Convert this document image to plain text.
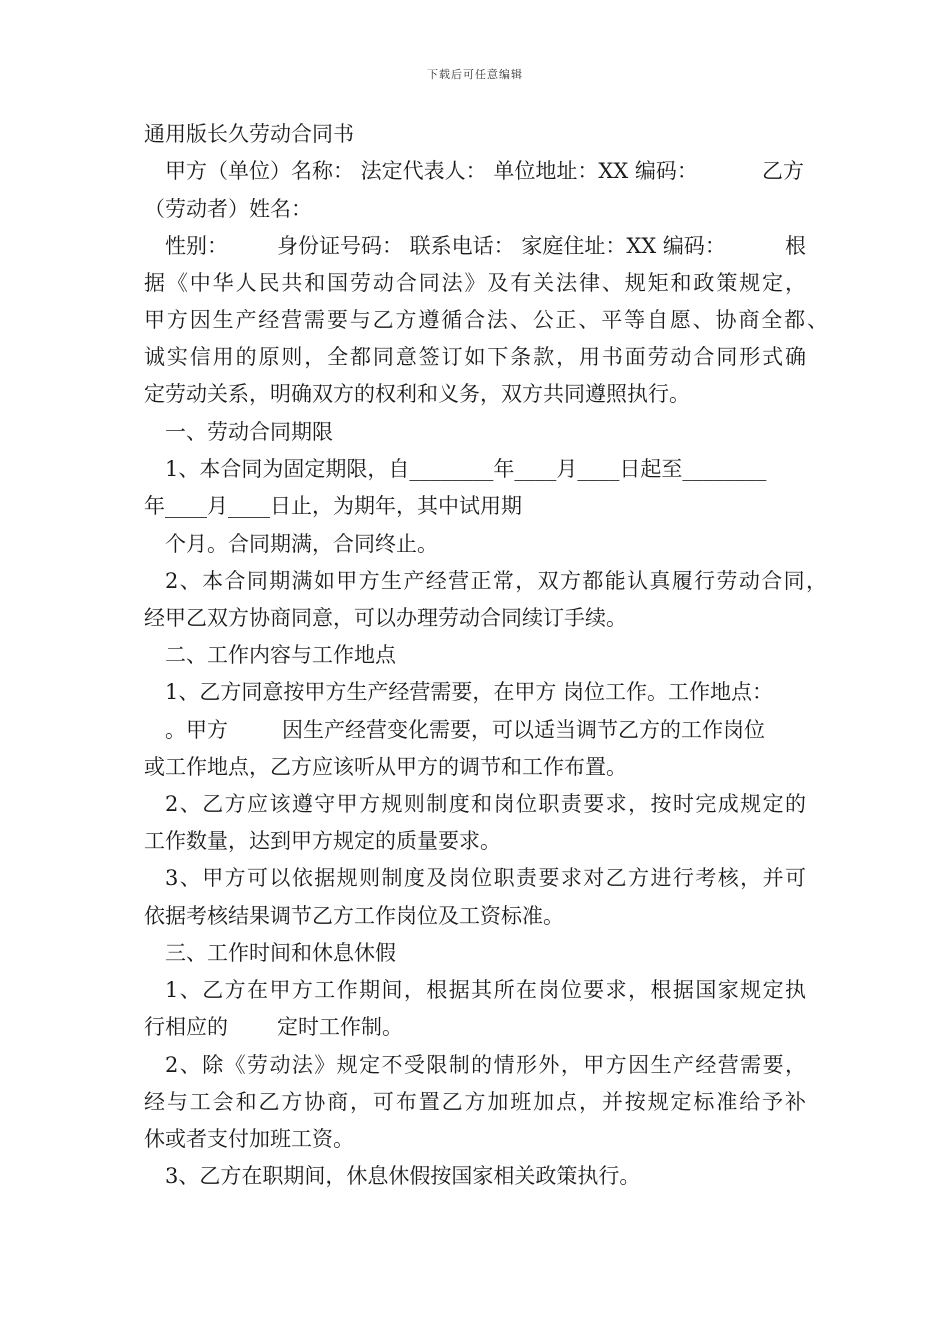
下载后可任意编辑
通用版长久劳动合同书
甲方（单位）名称： 法定代表人： 单位地址：XX 编码：	乙方
（劳动者）姓名：
性别：	身份证号码： 联系电话： 家庭住址：XX 编码：	根
据《中华人民共和国劳动合同法》及有关法律、规矩和政策规定，
甲方因生产经营需要与乙方遵循合法、公正、平等自愿、协商全都、
诚实信用的原则，全都同意签订如下条款，用书面劳动合同形式确
定劳动关系，明确双方的权利和义务，双方共同遵照执行。
一、劳动合同期限
1、本合同为固定期限，自________年____月____日起至________
年____月____日止，为期年，其中试用期
个月。合同期满，合同终止。
2、本合同期满如甲方生产经营正常，双方都能认真履行劳动合同，
经甲乙双方协商同意，可以办理劳动合同续订手续。
二、工作内容与工作地点
1、乙方同意按甲方生产经营需要，在甲方 岗位工作。工作地点：
。甲方	因生产经营变化需要，可以适当调节乙方的工作岗位
或工作地点，乙方应该听从甲方的调节和工作布置。
2、乙方应该遵守甲方规则制度和岗位职责要求，按时完成规定的
工作数量，达到甲方规定的质量要求。
3、甲方可以依据规则制度及岗位职责要求对乙方进行考核，并可
依据考核结果调节乙方工作岗位及工资标准。
三、工作时间和休息休假
1、乙方在甲方工作期间，根据其所在岗位要求，根据国家规定执
行相应的	定时工作制。
2、除《劳动法》规定不受限制的情形外，甲方因生产经营需要，
经与工会和乙方协商，可布置乙方加班加点，并按规定标准给予补
休或者支付加班工资。
3、乙方在职期间，休息休假按国家相关政策执行。
